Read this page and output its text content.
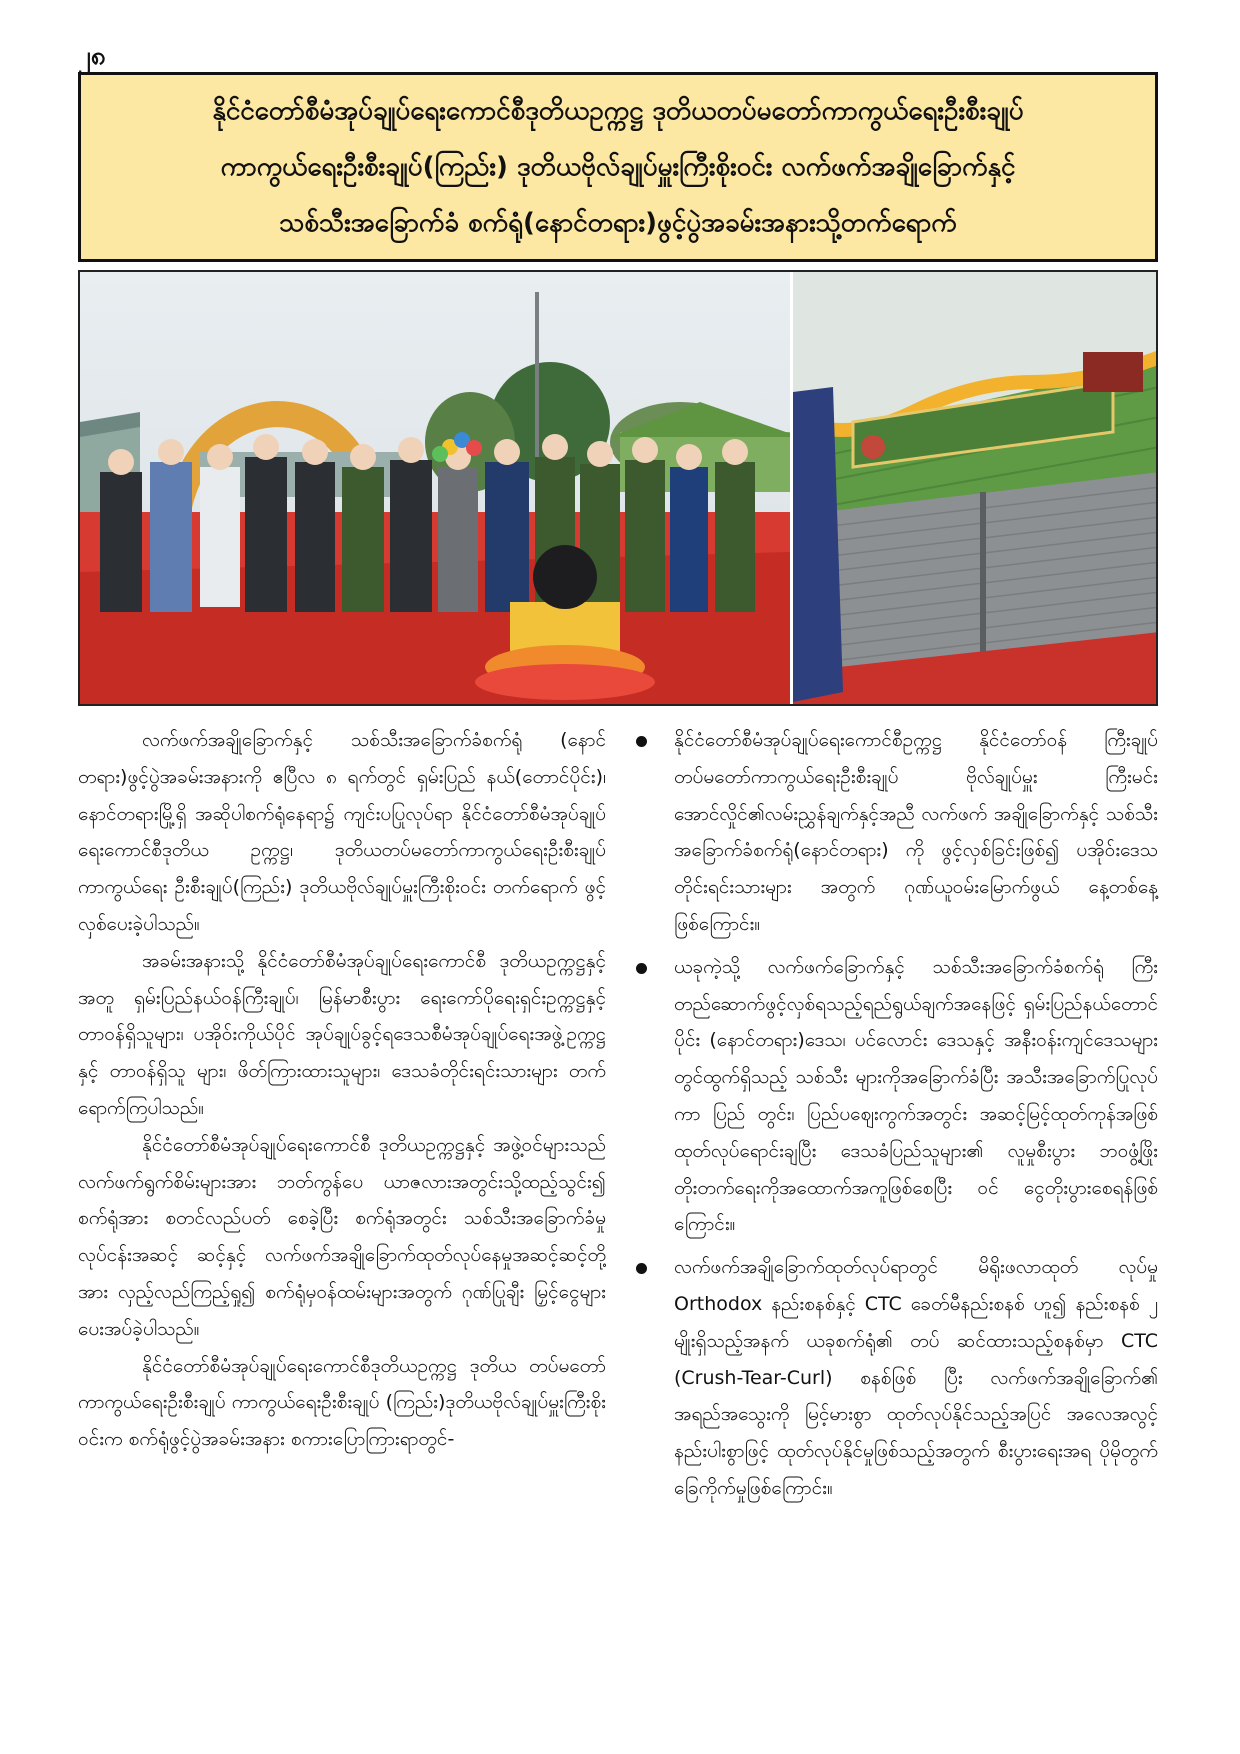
၂၈
နိုင်ငံတော်စီမံအုပ်ချုပ်ရေးကောင်စီဒုတိယဥက္ကဋ္ဌ ဒုတိယတပ်မတော်ကာကွယ်ရေးဦးစီးချုပ်
ကာကွယ်ရေးဦးစီးချုပ်(ကြည်း) ဒုတိယဗိုလ်ချုပ်မှူးကြီးစိုးဝင်း လက်ဖက်အချိုခြောက်နှင့်
သစ်သီးအခြောက်ခံ စက်ရုံ(နောင်တရား)ဖွင့်ပွဲအခမ်းအနားသို့တက်ရောက်

လက်ဖက်အချိုခြောက်နှင့် သစ်သီးအခြောက်ခံစက်ရုံ (နောင်တရား)ဖွင့်ပွဲအခမ်းအနားကို ဧပြီလ ၈ ရက်တွင် ရှမ်းပြည် နယ်(တောင်ပိုင်း)၊ နောင်တရားမြို့ရှိ အဆိုပါစက်ရုံနေရာ၌ ကျင်းပပြုလုပ်ရာ နိုင်ငံတော်စီမံအုပ်ချုပ်ရေးကောင်စီဒုတိယ ဥက္ကဋ္ဌ၊ ဒုတိယတပ်မတော်ကာကွယ်ရေးဦးစီးချုပ် ကာကွယ်ရေး ဦးစီးချုပ်(ကြည်း) ဒုတိယဗိုလ်ချုပ်မှူးကြီးစိုးဝင်း တက်ရောက် ဖွင့်လှစ်ပေးခဲ့ပါသည်။

အခမ်းအနားသို့ နိုင်ငံတော်စီမံအုပ်ချုပ်ရေးကောင်စီ ဒုတိယဥက္ကဋ္ဌနှင့်အတူ ရှမ်းပြည်နယ်ဝန်ကြီးချုပ်၊ မြန်မာစီးပွား ရေးကော်ပိုရေးရှင်းဥက္ကဋ္ဌနှင့် တာဝန်ရှိသူများ၊ ပအိုဝ်းကိုယ်ပိုင် အုပ်ချုပ်ခွင့်ရဒေသစီမံအုပ်ချုပ်ရေးအဖွဲ့ဥက္ကဋ္ဌနှင့် တာဝန်ရှိသူ များ၊ ဖိတ်ကြားထားသူများ၊ ဒေသခံတိုင်းရင်းသားများ တက် ရောက်ကြပါသည်။

နိုင်ငံတော်စီမံအုပ်ချုပ်ရေးကောင်စီ ဒုတိယဥက္ကဋ္ဌနှင့် အဖွဲ့ဝင်များသည် လက်ဖက်ရွက်စိမ်းများအား ဘတ်ကွန်ပေ ယာဇလားအတွင်းသို့ထည့်သွင်း၍ စက်ရုံအား စတင်လည်ပတ် စေခဲ့ပြီး စက်ရုံအတွင်း သစ်သီးအခြောက်ခံမှုလုပ်ငန်းအဆင့် ဆင့်နှင့် လက်ဖက်အချိုခြောက်ထုတ်လုပ်နေမှုအဆင့်ဆင့်တို့အား လှည့်လည်ကြည့်ရှု၍ စက်ရုံမှဝန်ထမ်းများအတွက် ဂုဏ်ပြုချီး မြှင့်ငွေများ ပေးအပ်ခဲ့ပါသည်။

နိုင်ငံတော်စီမံအုပ်ချုပ်ရေးကောင်စီဒုတိယဥက္ကဋ္ဌ ဒုတိယ တပ်မတော်ကာကွယ်ရေးဦးစီးချုပ် ကာကွယ်ရေးဦးစီးချုပ် (ကြည်း)ဒုတိယဗိုလ်ချုပ်မှူးကြီးစိုးဝင်းက စက်ရုံဖွင့်ပွဲအခမ်းအနား စကားပြောကြားရာတွင်-

နိုင်ငံတော်စီမံအုပ်ချုပ်ရေးကောင်စီဥက္ကဋ္ဌ နိုင်ငံတော်ဝန် ကြီးချုပ် တပ်မတော်ကာကွယ်ရေးဦးစီးချုပ် ဗိုလ်ချုပ်မှူး ကြီးမင်းအောင်လှိုင်၏လမ်းညွှန်ချက်နှင့်အညီ လက်ဖက် အချိုခြောက်နှင့် သစ်သီးအခြောက်ခံစက်ရုံ(နောင်တရား) ကို ဖွင့်လှစ်ခြင်းဖြစ်၍ ပအိုဝ်းဒေသတိုင်းရင်းသားများ အတွက် ဂုဏ်ယူဝမ်းမြောက်ဖွယ် နေ့တစ်နေ့ဖြစ်ကြောင်း။
ယခုကဲ့သို့ လက်ဖက်ခြောက်နှင့် သစ်သီးအခြောက်ခံစက်ရုံ ကြီး တည်ဆောက်ဖွင့်လှစ်ရသည့်ရည်ရွယ်ချက်အနေဖြင့် ရှမ်းပြည်နယ်တောင်ပိုင်း (နောင်တရား)ဒေသ၊ ပင်လောင်း ဒေသနှင့် အနီးဝန်းကျင်ဒေသများတွင်ထွက်ရှိသည့် သစ်သီး များကိုအခြောက်ခံပြီး အသီးအခြောက်ပြုလုပ်ကာ ပြည် တွင်း၊ ပြည်ပဈေးကွက်အတွင်း အဆင့်မြင့်ထုတ်ကုန်အဖြစ် ထုတ်လုပ်ရောင်းချပြီး ဒေသခံပြည်သူများ၏ လူမှုစီးပွား ဘဝဖွံ့ဖြိုးတိုးတက်ရေးကိုအထောက်အကူဖြစ်စေပြီး ဝင် ငွေတိုးပွားစေရန်ဖြစ်ကြောင်း။
လက်ဖက်အချိုခြောက်ထုတ်လုပ်ရာတွင် မိရိုးဖလာထုတ် လုပ်မှု Orthodox နည်းစနစ်နှင့် CTC ခေတ်မီနည်းစနစ် ဟူ၍ နည်းစနစ် ၂ မျိုးရှိသည့်အနက် ယခုစက်ရုံ၏ တပ် ဆင်ထားသည့်စနစ်မှာ CTC (Crush-Tear-Curl) စနစ်ဖြစ် ပြီး လက်ဖက်အချိုခြောက်၏ အရည်အသွေးကို မြင့်မားစွာ ထုတ်လုပ်နိုင်သည့်အပြင် အလေအလွင့်နည်းပါးစွာဖြင့် ထုတ်လုပ်နိုင်မှုဖြစ်သည့်အတွက် စီးပွားရေးအရ ပိုမိုတွက် ခြေကိုက်မှုဖြစ်ကြောင်း။
